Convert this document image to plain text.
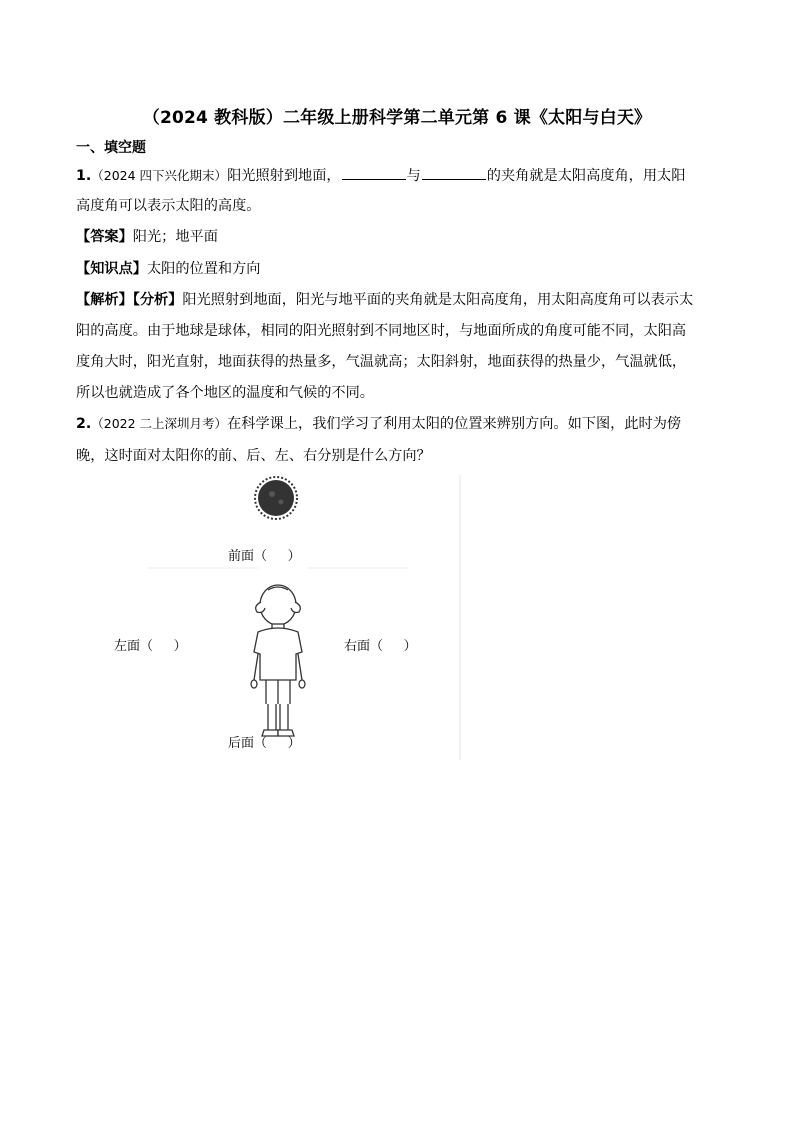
（2024 教科版）二年级上册科学第二单元第 6 课《太阳与白天》
一、填空题
1.（2024 四下兴化期末）阳光照射到地面，	与	的夹角就是太阳高度角，用太阳
高度角可以表示太阳的高度。
【答案】阳光；地平面
【知识点】太阳的位置和方向
【解析】【分析】阳光照射到地面，阳光与地平面的夹角就是太阳高度角，用太阳高度角可以表示太
阳的高度。由于地球是球体，相同的阳光照射到不同地区时，与地面所成的角度可能不同，太阳高
度角大时，阳光直射，地面获得的热量多，气温就高；太阳斜射，地面获得的热量少，气温就低，
所以也就造成了各个地区的温度和气候的不同。
2.（2022 二上深圳月考）在科学课上，我们学习了利用太阳的位置来辨别方向。如下图，此时为傍
晚，这时面对太阳你的前、后、左、右分别是什么方向？
前面（     ）
左面（     ）	右面（     ）
后面（     ）
